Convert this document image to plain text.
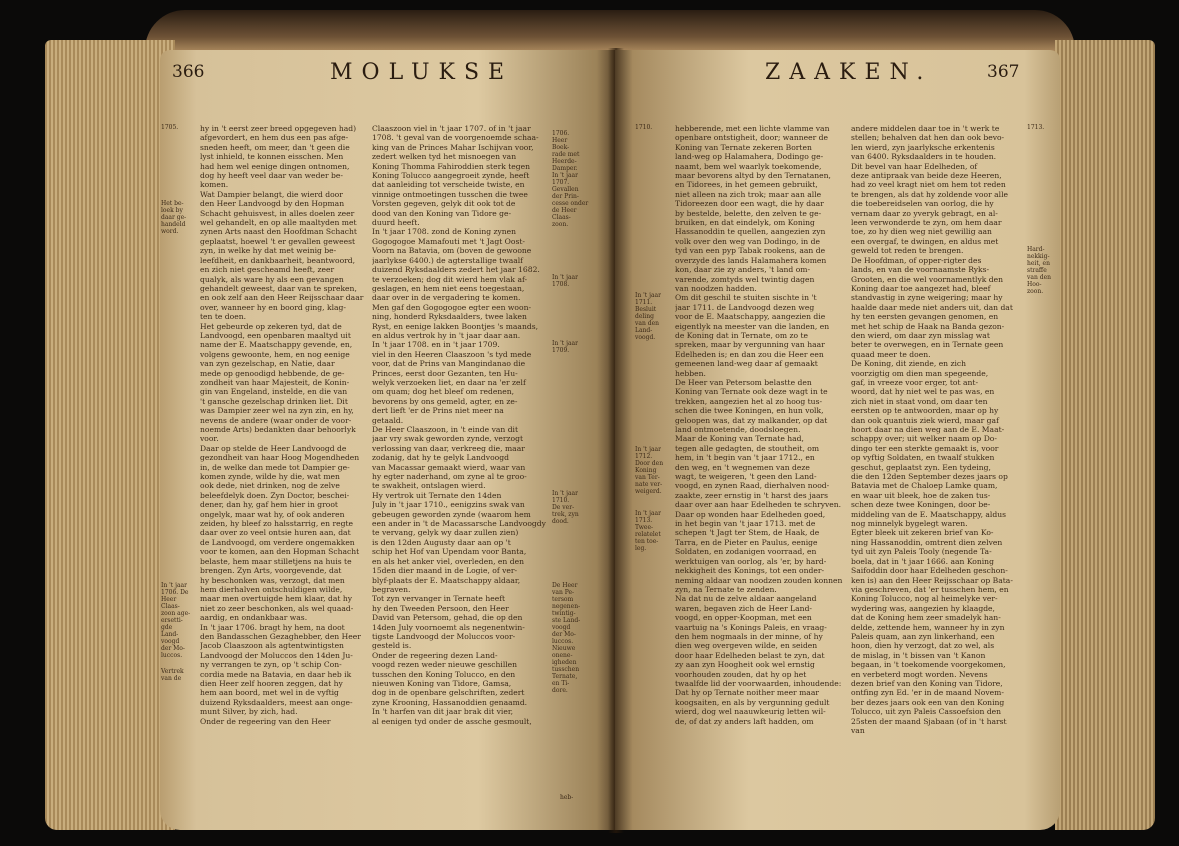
366	MOLUKSE
1705.
Het be-
loek by
daar ge-
handeld
word.
In 't jaar
1706. De
Heer
Claas-
zoon age-
ersetti-
gde
Land-
voogd
der Mo-
luccos.
Vertrek
van de
hy in 't eerst zeer breed opgegeven had)
afgevordert, en hem dus een pas afge-
sneden heeft, om meer, dan 't geen die
lyst inhield, te konnen eisschen. Men
had hem wel eenige dingen ontnomen,
dog hy heeft veel daar van weder be-
komen.
Wat Dampier belangt, die wierd door
den Heer Landvoogd by den Hopman
Schacht gehuisvest, in alles doelen zeer
wel gehandelt, en op alle maaltyden met
zynen Arts naast den Hoofdman Schacht
geplaatst, hoewel 't er gevallen geweest
zyn, in welke hy dat met weinig be-
leefdheit, en dankbaarheit, beantwoord,
en zich niet gescheamd heeft, zeer
qualyk, als ware hy als een gevangen
gehandelt geweest, daar van te spreken,
en ook zelf aan den Heer Reijsschaar daar
over, wanneer hy en boord ging, klag-
ten te doen.
Het gebeurde op zekeren tyd, dat de
Landvoogd, een openbaren maaltyd uit
name der E. Maatschappy gevende, en,
volgens gewoonte, hem, en nog eenige
van zyn gezelschap, en Natie, daar
mede op genoodigd hebbende, de ge-
zondheit van haar Majesteit, de Konin-
gin van Engeland, instelde, en die van
't gansche gezelschap drinken liet. Dit
was Dampier zeer wel na zyn zin, en hy,
nevens de andere (waar onder de voor-
noemde Arts) bedankten daar behoorlyk
voor.
Daar op stelde de Heer Landvoogd de
gezondheit van haar Hoog Mogendheden
in, de welke dan mede tot Dampier ge-
komen zynde, wilde hy die, wat men
ook dede, niet drinken, nog de zelve
beleefdelyk doen. Zyn Doctor, beschei-
dener, dan hy, gaf hem hier in groot
ongelyk, maar wat hy, of ook anderen
zeiden, hy bleef zo halsstarrig, en regte
daar over zo veel ontsie huren aan, dat
de Landvoogd, om verdere ongemakken
voor te komen, aan den Hopman Schacht
belaste, hem maar stilletjens na huis te
brengen. Zyn Arts, voorgevende, dat
hy beschonken was, verzogt, dat men
hem dierhalven ontschuldigen wilde,
maar men overtuigde hem klaar, dat hy
niet zo zeer beschonken, als wel quaad-
aardig, en ondankbaar was.
In 't jaar 1706. bragt hy hem, na doot
den Bandasschen Gezaghebber, den Heer
Jacob Claaszoon als agtentwintigsten
Landvoogd der Moluccos den 14den Ju-
ny verrangen te zyn, op 't schip Con-
cordia mede na Batavia, en daar heb ik
dien Heer zelf hooren zeggen, dat hy
hem aan boord, met wel in de vyftig
duizend Ryksdaalders, meest aan onge-
munt Silver, by zich, had.
Onder de regeering van den Heer
Claaszoon viel in 't jaar 1707. of in 't jaar
1708. 't geval van de voorgenoemde schaa-
king van de Princes Mahar Ischijvan voor,
zedert welken tyd het misnoegen van
Koning Thomma Fahiroddien sterk tegen
Koning Tolucco aangegroeit zynde, heeft
dat aanleiding tot verscheide twiste, en
vinnige ontmoetingen tusschen die twee
Vorsten gegeven, gelyk dit ook tot de
dood van den Koning van Tidore ge-
duurd heeft.
In 't jaar 1708. zond de Koning zynen
Gogogogoe Mamafouti met 't Jagt Oost-
Voorn na Batavia, om (boven de gewoone
jaarlykse 6400.) de agterstallige twaalf
duizend Ryksdaalders zedert het jaar 1682.
te verzoeken; dog dit wierd hem vlak af-
geslagen, en hem niet eens toegestaan,
daar over in de vergadering te komen.
Men gaf den Gogogogoe egter een woon-
ning, honderd Ryksdaalders, twee laken
Ryst, en eenige lakken Boontjes 's maands,
en aldus vertrok hy in 't jaar daar aan.
In 't jaar 1708. en in 't jaar 1709.
viel in den Heeren Claaszoon 's tyd mede
voor, dat de Prins van Mangindanao die
Princes, eerst door Gezanten, ten Hu-
welyk verzoeken liet, en daar na 'er zelf
om quam; dog het bleef om redenen,
bevorens by ons gemeld, agter, en ze-
dert lieft 'er de Prins niet meer na
getaald.
De Heer Claaszoon, in 't einde van dit
jaar vry swak geworden zynde, verzogt
verlossing van daar, verkreeg die, maar
zodanig, dat hy te gelyk Landvoogd
van Macassar gemaakt wierd, waar van
hy egter naderhand, om zyne al te groo-
te swakheit, ontslagen wierd.
Hy vertrok uit Ternate den 14den
July in 't jaar 1710., eenigzins swak van
gebeugen geworden zynde (waarom hem
een ander in 't de Macassarsche Landvoogdy
te vervang, gelyk wy daar zullen zien)
is den 12den Augusty daar aan op 't
schip het Hof van Upendam voor Banta,
en als het anker viel, overleden, en den
15den dier maand in de Logie, of ver-
blyf-plaats der E. Maatschappy aldaar,
begraven.
Tot zyn vervanger in Ternate heeft
hy den Tweeden Persoon, den Heer
David van Petersom, gehad, die op den
14den July voornoemt als negenentwin-
tigste Landvoogd der Moluccos voor-
gesteld is.
Onder de regeering dezen Land-
voogd rezen weder nieuwe geschillen
tusschen den Koning Tolucco, en den
nieuwen Koning van Tidore, Gamsa,
dog in de openbare gelschriften, zedert
zyne Krooning, Hassanoddien genaamd.
In 't harfen van dit jaar brak dit vier,
al eenigen tyd onder de assche gesmoult,
1706.
Heer
Boek-
rade met
Heerde-
Damper.
In 't jaar
1707.
Gevallen
der Prin-
cesse onder
de Heer
Claas-
zoon.
In 't jaar
1708.
In 't jaar
1709.
In 't jaar
1710.
De ver-
trek, zyn
dood.
De Heer
van Pe-
tersom
negenen-
twintig-
ste Land-
voogd
der Mo-
luccos.
Nieuwe
onene-
igheden
tusschen
Ternate,
en Ti-
dore.
heb-
ZAAKEN.	367
1710.
In 't jaar
1711.
Besluit
deling
van den
Land-
voogd.
In 't jaar
1712.
Door den
Koning
van Ter-
nate ver-
weigerd.
In 't jaar
1713.
Twee-
relatelet
ten toe-
leg.
hebberende, met een lichte vlamme van
openbare ontstigheit, door; wanneer de
Koning van Ternate zekeren Borten
land-weg op Halamahera, Dodingo ge-
naamt, bem wel waarlyk toekomende,
maar bevorens altyd by den Ternatanen,
en Tidorees, in het gemeen gebruikt,
niet alleen na zich trok; maar aan alle
Tidoreezen door een wagt, die hy daar
by bestelde, belette, den zelven te ge-
bruiken, en dat eindelyk, om Koning
Hassanoddin te quellen, aangezien zyn
volk over den weg van Dodingo, in de
tyd van een pyp Tabak rookens, aan de
overzyde des lands Halamahera komen
kon, daar zie zy anders, 't land om-
varende, zomtyds wel twintig dagen
van noodzen hadden.
Om dit geschil te stuiten sischte in 't
jaar 1711. de Landvoogd dezen weg
voor de E. Maatschappy, aangezien die
eigentlyk na meester van die landen, en
de Koning dat in Ternate, om zo te
spreken, maar by vergunning van haar
Edelheden is; en dan zou die Heer een
gemeenen land-weg daar af gemaakt
hebben.
De Heer van Petersom belastte den
Koning van Ternate ook deze wagt in te
trekken, aangezien het al zo hoog tus-
schen die twee Koningen, en hun volk,
geloopen was, dat zy malkander, op dat
land ontmoetende, doodsloegen.
Maar de Koning van Ternate had,
tegen alle gedagten, de stoutheit, om
hem, in 't begin van 't jaar 1712., en
den weg, en 't wegnemen van deze
wagt, te weigeren, 't geen den Land-
voogd, en zynen Raad, dierhalven nood-
zaakte, zeer ernstig in 't harst des jaars
daar over aan haar Edelheden te schryven.
Daar op wonden haar Edelheden goed,
in het begin van 't jaar 1713. met de
schepen 't Jagt ter Stem, de Haak, de
Tarra, en de Pieter en Paulus, eenige
Soldaten, en zodanigen voorraad, en
werktuigen van oorlog, als 'er, by hard-
nekkigheit des Konings, tot een onder-
neming aldaar van noodzen zouden konnen
zyn, na Ternate te zenden.
Na dat nu de zelve aldaar aangeland
waren, begaven zich de Heer Land-
voogd, en opper-Koopman, met een
vaartuig na 's Konings Paleis, en vraag-
den hem nogmaals in der minne, of hy
dien weg overgeven wilde, en seiden
door haar Edelheden belast te zyn, dat
zy aan zyn Hoogheit ook wel ernstig
voorhouden zouden, dat hy op het
twaalfde lid der voorwaarden, inhoudende:
Dat hy op Ternate noither meer maar
koogsaiten, en als by vergunning gedult
wierd, dog wel naauwkeurig letten wil-
de, of dat zy anders laft hadden, om
andere middelen daar toe in 't werk te
stellen; behalven dat hen dan ook bevo-
len wierd, zyn jaarlyksche erkentenis
van 6400. Ryksdaalders in te houden.
Dit bevel van haar Edelheden, of
deze antipraak van beide deze Heeren,
had zo veel kragt niet om hem tot reden
te brengen, als dat hy zoldende voor alle
die toebereidselen van oorlog, die hy
vernam daar zo yveryk gebragt, en al-
leen verwonderde te zyn, om hem daar
toe, zo hy dien weg niet gewillig aan
een overgaf, te dwingen, en aldus met
geweld tot reden te brengen.
De Hoofdman, of opper-rigter des
lands, en van de voornaamste Ryks-
Grooten, en die wel voornamentlyk den
Koning daar toe aangezet had, bleef
standvastig in zyne weigering; maar hy
haalde daar mede niet anders uit, dan dat
hy ten eersten gevangen genomen, en
met het schip de Haak na Banda gezon-
den wierd, om daar zyn misslag wat
beter te overwegen, en in Ternate geen
quaad meer te doen.
De Koning, dit ziende, en zich
voorzigtig om dien man spegeende,
gaf, in vreeze voor erger, tot ant-
woord, dat hy niet wel te pas was, en
zich niet in staat vond, om daar ten
eersten op te antwoorden, maar op hy
dan ook quantuis ziek wierd, maar gaf
hoort daar na dien weg aan de E. Maat-
schappy over; uit welker naam op Do-
dingo ter een sterkte gemaakt is, voor
op vyftig Soldaten, en twaalf stukken
geschut, geplaatst zyn. Een tydeing,
die den 12den September dezes jaars op
Batavia met de Chaloep Lamke quam,
en waar uit bleek, hoe de zaken tus-
schen deze twee Koningen, door be-
middeling van de E. Maatschappy, aldus
nog minnelyk bygelegt waren.
Egter bleek uit zekeren brief van Ko-
ning Hassanoddin, omtrent dien zelven
tyd uit zyn Paleis Tooly (negende Ta-
boela, dat in 't jaar 1666. aan Koning
Saifoddin door haar Edelheden geschon-
ken is) aan den Heer Reijsschaar op Bata-
via geschreven, dat 'er tusschen hem, en
Koning Tolucco, nog al heimelyke ver-
wydering was, aangezien hy klaagde,
dat de Koning hem zeer smadelyk han-
delde, zettende hem, wanneer hy in zyn
Paleis quam, aan zyn linkerhand, een
hoon, dien hy verzogt, dat zo wel, als
de mislag, in 't bissen van 't Kanon
begaan, in 't toekomende voorgekomen,
en verbeterd mogt worden. Nevens
dezen brief van den Koning van Tidore,
ontfing zyn Ed. 'er in de maand Novem-
ber dezes jaars ook een van den Koning
Tolucco, uit zyn Paleis Cassoefsion den
25sten der maand Sjabaan (of in 't harst
van
1713.
Hard-
nekkig-
heit, en
straffe
van den
Hoo-
zoon.
